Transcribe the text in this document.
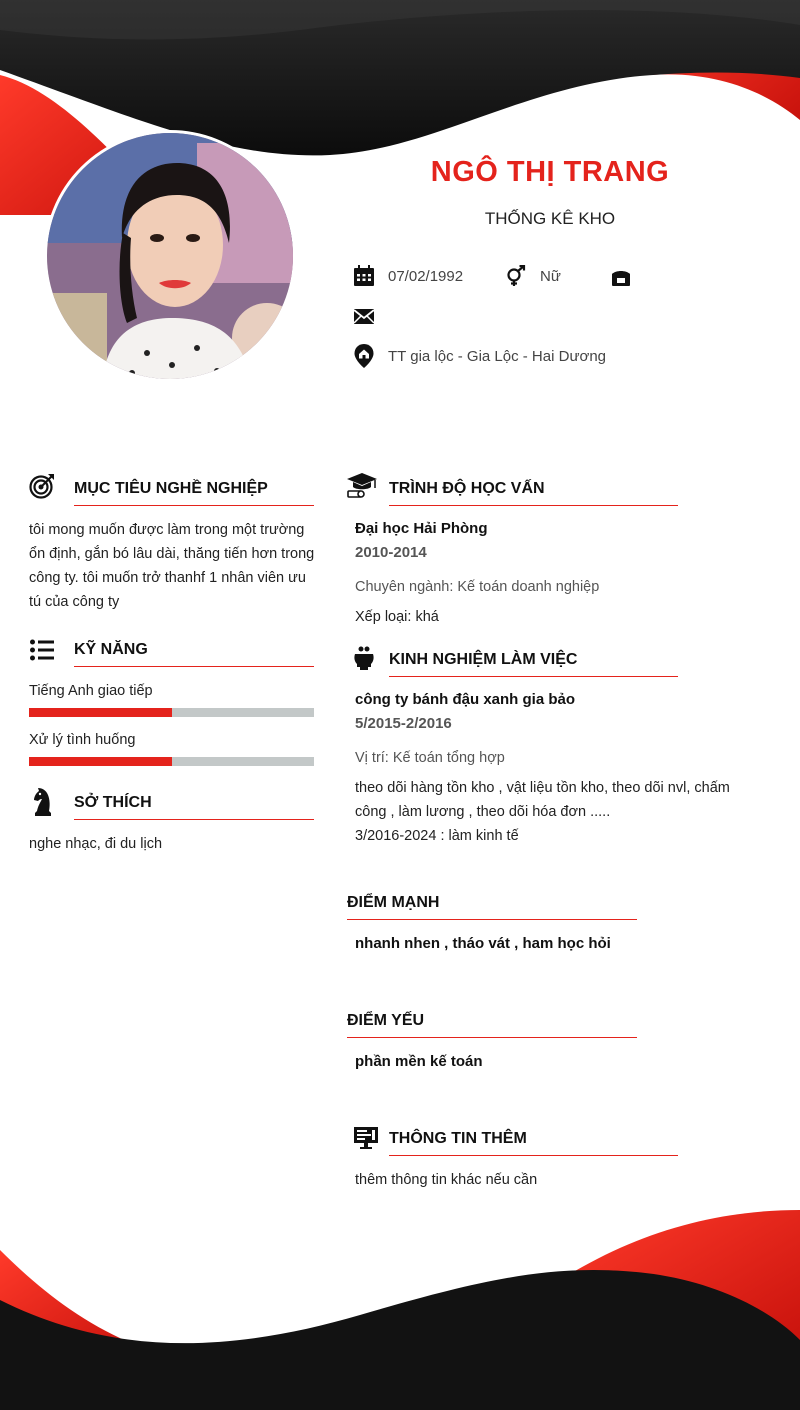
NGÔ THỊ TRANG
THỐNG KÊ KHO
07/02/1992	Nữ
TT gia lộc - Gia Lộc - Hai Dương
MỤC TIÊU NGHỀ NGHIỆP
tôi mong muốn được làm trong một trường
ổn định, gắn bó lâu dài, thăng tiến hơn trong
công ty. tôi muốn trở thanhf 1 nhân viên ưu
tú của công ty
KỸ NĂNG
Tiếng Anh giao tiếp
Xử lý tình huống
SỞ THÍCH
nghe nhạc, đi du lịch
TRÌNH ĐỘ HỌC VẤN
Đại học Hải Phòng
2010-2014
Chuyên ngành: Kế toán doanh nghiệp
Xếp loại: khá
KINH NGHIỆM LÀM VIỆC
công ty bánh đậu xanh gia bảo
5/2015-2/2016
Vị trí: Kế toán tổng hợp
theo dõi hàng tồn kho , vật liệu tồn kho, theo dõi nvl, chấm
công , làm lương , theo dõi hóa đơn .....
3/2016-2024 : làm kinh tế
ĐIỂM MẠNH
nhanh nhen , tháo vát , ham học hỏi
ĐIỂM YẾU
phần mền kế toán
THÔNG TIN THÊM
thêm thông tin khác nếu cần
